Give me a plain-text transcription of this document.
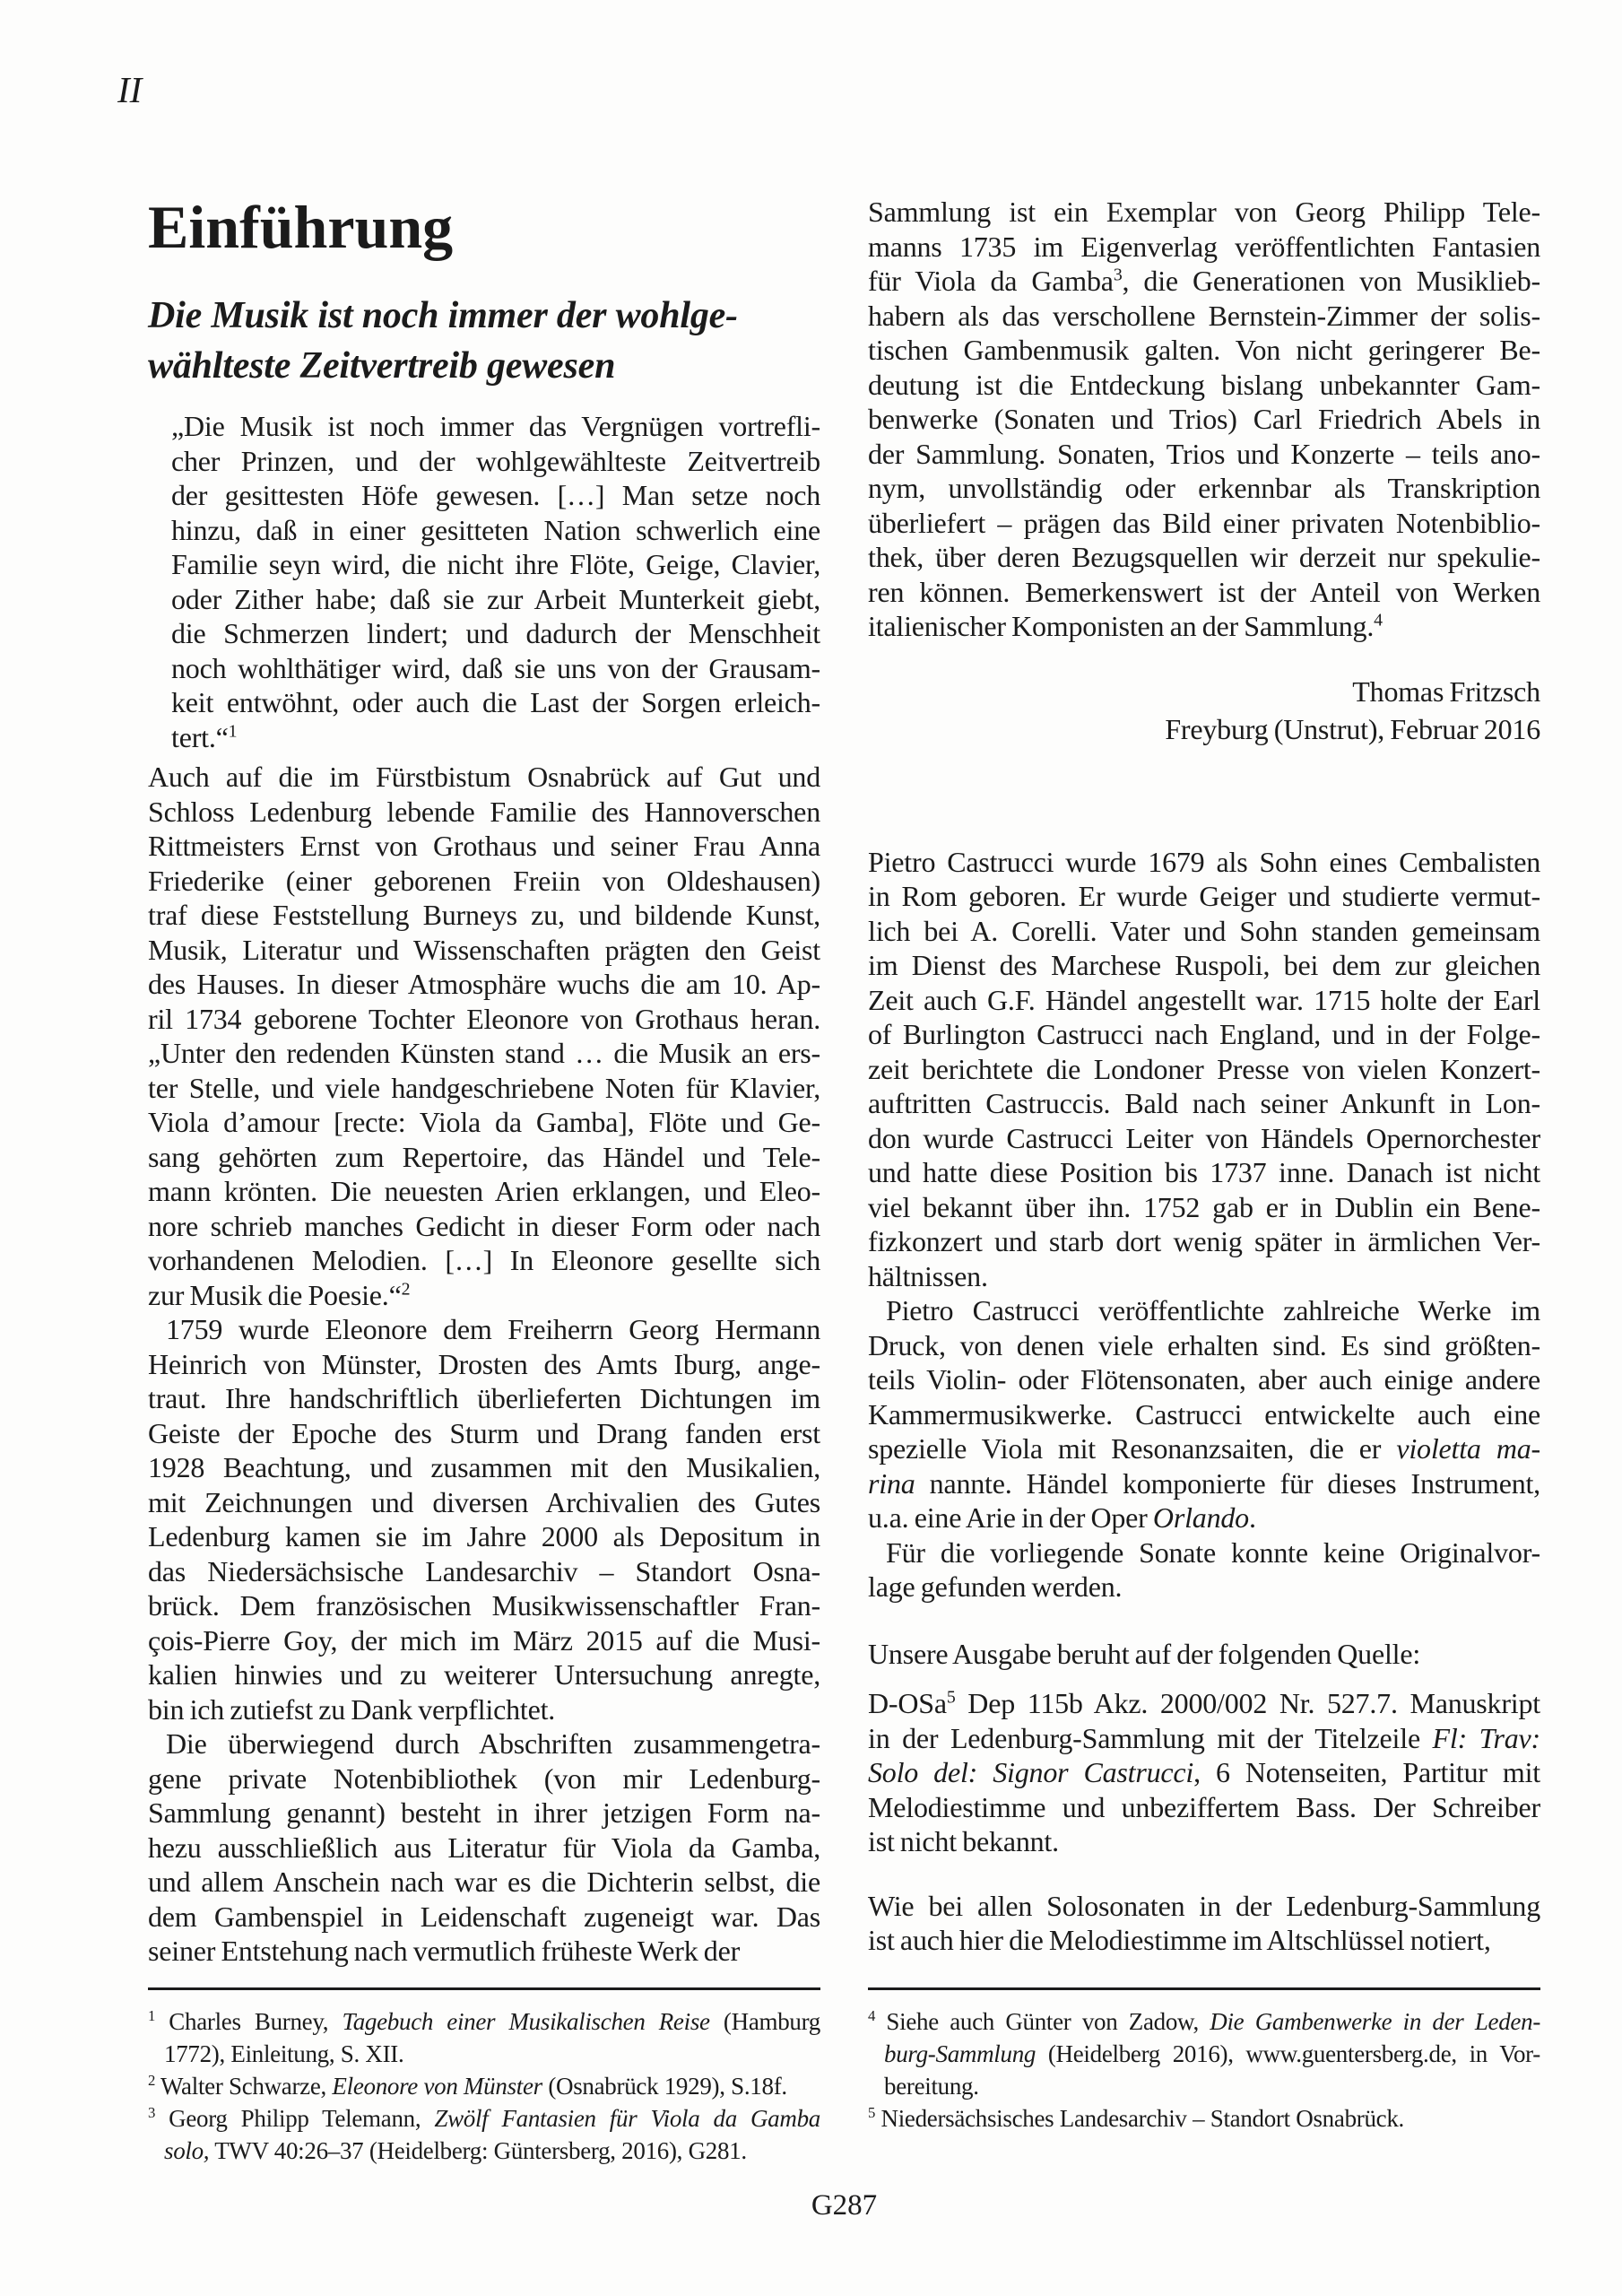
II
Einführung
Die Musik ist noch immer der wohlge-
wählteste Zeitvertreib gewesen
„Die Musik ist noch immer das Vergnügen vortrefli-
cher Prinzen, und der wohlgewählteste Zeitvertreib
der gesittesten Höfe gewesen. […] Man setze noch
hinzu, daß in einer gesitteten Nation schwerlich eine
Familie seyn wird, die nicht ihre Flöte, Geige, Clavier,
oder Zither habe; daß sie zur Arbeit Munterkeit giebt,
die Schmerzen lindert; und dadurch der Menschheit
noch wohlthätiger wird, daß sie uns von der Grausam-
keit entwöhnt, oder auch die Last der Sorgen erleich-
tert.“$^1$
Auch auf die im Fürstbistum Osnabrück auf Gut und
Schloss Ledenburg lebende Familie des Hannoverschen
Rittmeisters Ernst von Grothaus und seiner Frau Anna
Friederike (einer geborenen Freiin von Oldeshausen)
traf diese Feststellung Burneys zu, und bildende Kunst,
Musik, Literatur und Wissenschaften prägten den Geist
des Hauses. In dieser Atmosphäre wuchs die am 10. Ap-
ril 1734 geborene Tochter Eleonore von Grothaus heran.
„Unter den redenden Künsten stand … die Musik an ers-
ter Stelle, und viele handgeschriebene Noten für Klavier,
Viola d’amour [recte: Viola da Gamba], Flöte und Ge-
sang gehörten zum Repertoire, das Händel und Tele-
mann krönten. Die neuesten Arien erklangen, und Eleo-
nore schrieb manches Gedicht in dieser Form oder nach
vorhandenen Melodien. […] In Eleonore gesellte sich
zur Musik die Poesie.“$^2$
1759 wurde Eleonore dem Freiherrn Georg Hermann
Heinrich von Münster, Drosten des Amts Iburg, ange-
traut. Ihre handschriftlich überlieferten Dichtungen im
Geiste der Epoche des Sturm und Drang fanden erst
1928 Beachtung, und zusammen mit den Musikalien,
mit Zeichnungen und diversen Archivalien des Gutes
Ledenburg kamen sie im Jahre 2000 als Depositum in
das Niedersächsische Landesarchiv – Standort Osna-
brück. Dem französischen Musikwissenschaftler Fran-
çois-Pierre Goy, der mich im März 2015 auf die Musi-
kalien hinwies und zu weiterer Untersuchung anregte,
bin ich zutiefst zu Dank verpflichtet.
Die überwiegend durch Abschriften zusammengetra-
gene private Notenbibliothek (von mir Ledenburg-
Sammlung genannt) besteht in ihrer jetzigen Form na-
hezu ausschließlich aus Literatur für Viola da Gamba,
und allem Anschein nach war es die Dichterin selbst, die
dem Gambenspiel in Leidenschaft zugeneigt war. Das
seiner Entstehung nach vermutlich früheste Werk der
Sammlung ist ein Exemplar von Georg Philipp Tele-
manns 1735 im Eigenverlag veröffentlichten Fantasien
für Viola da Gamba$^3$, die Generationen von Musiklieb-
habern als das verschollene Bernstein-Zimmer der solis-
tischen Gambenmusik galten. Von nicht geringerer Be-
deutung ist die Entdeckung bislang unbekannter Gam-
benwerke (Sonaten und Trios) Carl Friedrich Abels in
der Sammlung. Sonaten, Trios und Konzerte – teils ano-
nym, unvollständig oder erkennbar als Transkription
überliefert – prägen das Bild einer privaten Notenbiblio-
thek, über deren Bezugsquellen wir derzeit nur spekulie-
ren können. Bemerkenswert ist der Anteil von Werken
italienischer Komponisten an der Sammlung.$^4$
Thomas Fritzsch
Freyburg (Unstrut), Februar 2016
Pietro Castrucci wurde 1679 als Sohn eines Cembalisten
in Rom geboren. Er wurde Geiger und studierte vermut-
lich bei A. Corelli. Vater und Sohn standen gemeinsam
im Dienst des Marchese Ruspoli, bei dem zur gleichen
Zeit auch G.F. Händel angestellt war. 1715 holte der Earl
of Burlington Castrucci nach England, und in der Folge-
zeit berichtete die Londoner Presse von vielen Konzert-
auftritten Castruccis. Bald nach seiner Ankunft in Lon-
don wurde Castrucci Leiter von Händels Opernorchester
und hatte diese Position bis 1737 inne. Danach ist nicht
viel bekannt über ihn. 1752 gab er in Dublin ein Bene-
fizkonzert und starb dort wenig später in ärmlichen Ver-
hältnissen.
Pietro Castrucci veröffentlichte zahlreiche Werke im
Druck, von denen viele erhalten sind. Es sind größten-
teils Violin- oder Flötensonaten, aber auch einige andere
Kammermusikwerke. Castrucci entwickelte auch eine
spezielle Viola mit Resonanzsaiten, die er violetta ma-
rina nannte. Händel komponierte für dieses Instrument,
u.a. eine Arie in der Oper Orlando.
Für die vorliegende Sonate konnte keine Originalvor-
lage gefunden werden.
Unsere Ausgabe beruht auf der folgenden Quelle:
D-OSa$^5$ Dep 115b Akz. 2000/002 Nr. 527.7. Manuskript
in der Ledenburg-Sammlung mit der Titelzeile Fl: Trav:
Solo del: Signor Castrucci, 6 Notenseiten, Partitur mit
Melodiestimme und unbeziffertem Bass. Der Schreiber
ist nicht bekannt.
Wie bei allen Solosonaten in der Ledenburg-Sammlung
ist auch hier die Melodiestimme im Altschlüssel notiert,
$^1$ Charles Burney, Tagebuch einer Musikalischen Reise (Hamburg
1772), Einleitung, S. XII.
$^2$ Walter Schwarze, Eleonore von Münster (Osnabrück 1929), S.18f.
$^3$ Georg Philipp Telemann, Zwölf Fantasien für Viola da Gamba
solo, TWV 40:26–37 (Heidelberg: Güntersberg, 2016), G281.
$^4$ Siehe auch Günter von Zadow, Die Gambenwerke in der Leden-
burg-Sammlung (Heidelberg 2016), www.guentersberg.de, in Vor-
bereitung.
$^5$ Niedersächsisches Landesarchiv – Standort Osnabrück.
G287
